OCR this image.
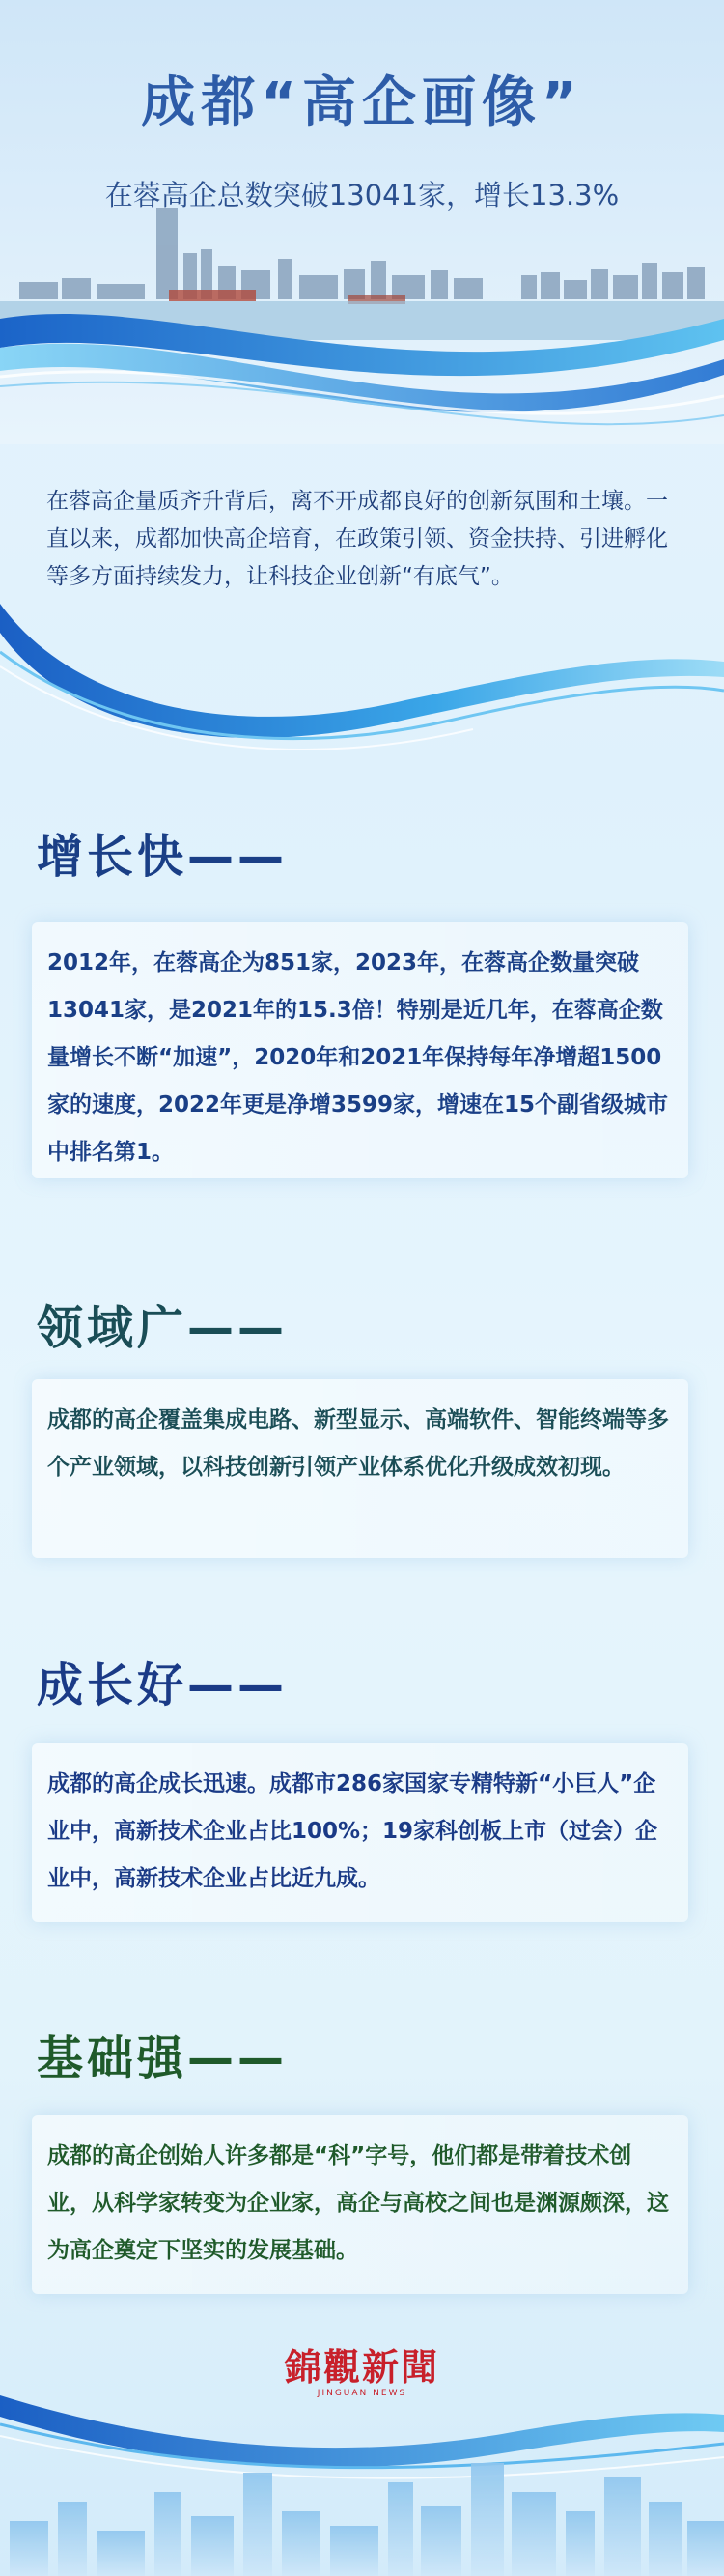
成都“高企画像”
在蓉高企总数突破13041家，增长13.3%
在蓉高企量质齐升背后，离不开成都良好的创新氛围和土壤。一直以来，成都加快高企培育，在政策引领、资金扶持、引进孵化等多方面持续发力，让科技企业创新“有底气”。
增长快——
2012年，在蓉高企为851家，2023年，在蓉高企数量突破13041家，是2021年的15.3倍！特别是近几年，在蓉高企数量增长不断“加速”，2020年和2021年保持每年净增超1500家的速度，2022年更是净增3599家，增速在15个副省级城市中排名第1。
领域广——
成都的高企覆盖集成电路、新型显示、高端软件、智能终端等多个产业领域，以科技创新引领产业体系优化升级成效初现。
成长好——
成都的高企成长迅速。成都市286家国家专精特新“小巨人”企业中，高新技术企业占比100%；19家科创板上市（过会）企业中，高新技术企业占比近九成。
基础强——
成都的高企创始人许多都是“科”字号，他们都是带着技术创业，从科学家转变为企业家，高企与高校之间也是渊源颇深，这为高企奠定下坚实的发展基础。
錦觀新聞
JINGUAN NEWS
